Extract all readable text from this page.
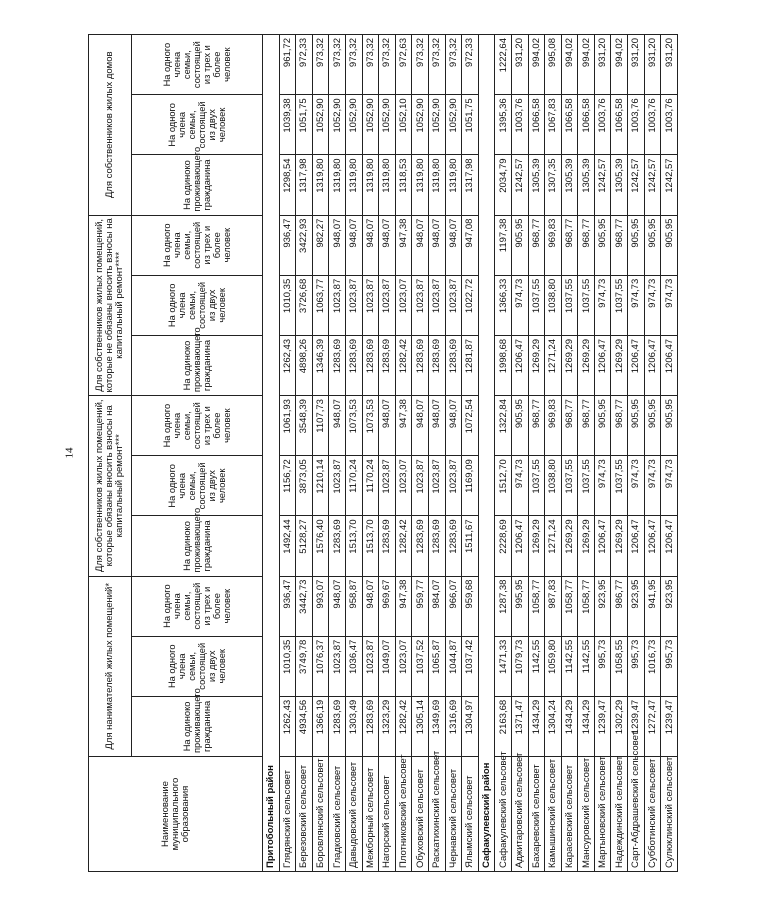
14
Наименование муниципального образования	Для нанимателей жилых помещений*			Для собственников жилых помещений, которые обязаны вносить взносы на капитальный ремонт***			Для собственников жилых помещений, которые не обязаны вносить взносы на капитальный ремонт****			Для собственников жилых домов		

	На одиноко проживающего гражданина	На одного члена семьи, состоящей из двух человек	На одного члена семьи, состоящей из трех и более человек	На одиноко проживающего гражданина	На одного члена семьи, состоящей из двух человек	На одного члена семьи, состоящей из трех и более человек	На одиноко проживающего гражданина	На одного члена семьи, состоящей из двух человек	На одного члена семьи, состоящей из трех и более человек	На одиноко проживающего гражданина	На одного члена семьи, состоящей из двух человек	На одного члена семьи, состоящей из трех и более человек

Притобольный район												
Глядянский сельсовет	1262,43	1010,35	936,47	1492,44	1156,72	1061,93	1262,43	1010,35	936,47	1298,54	1039,38	961,72
Березовский сельсовет	4934,56	3749,78	3442,73	5128,27	3873,05	3548,39	4898,26	3726,68	3422,93	1317,98	1051,75	972,33
Боровлянский сельсовет	1366,19	1076,37	993,07	1576,40	1210,14	1107,73	1346,39	1063,77	982,27	1319,80	1052,90	973,32
Гладковский сельсовет	1283,69	1023,87	948,07	1283,69	1023,87	948,07	1283,69	1023,87	948,07	1319,80	1052,90	973,32
Давыдовский сельсовет	1303,49	1036,47	958,87	1513,70	1170,24	1073,53	1283,69	1023,87	948,07	1319,80	1052,90	973,32
Межборный сельсовет	1283,69	1023,87	948,07	1513,70	1170,24	1073,53	1283,69	1023,87	948,07	1319,80	1052,90	973,32
Нагорский сельсовет	1323,29	1049,07	969,67	1283,69	1023,87	948,07	1283,69	1023,87	948,07	1319,80	1052,90	973,32
Плотниковский сельсовет	1282,42	1023,07	947,38	1282,42	1023,07	947,38	1282,42	1023,07	947,38	1318,53	1052,10	972,63
Обуховский сельсовет	1305,14	1037,52	959,77	1283,69	1023,87	948,07	1283,69	1023,87	948,07	1319,80	1052,90	973,32
Раскатихинский сельсовет	1349,69	1065,87	984,07	1283,69	1023,87	948,07	1283,69	1023,87	948,07	1319,80	1052,90	973,32
Чернавский сельсовет	1316,69	1044,87	966,07	1283,69	1023,87	948,07	1283,69	1023,87	948,07	1319,80	1052,90	973,32
Ялымский сельсовет	1304,97	1037,42	959,68	1511,67	1169,09	1072,54	1281,87	1022,72	947,08	1317,98	1051,75	972,33
Сафакулевский район												
Сафакулевский сельсовет	2163,68	1471,33	1287,38	2228,69	1512,70	1322,84	1998,68	1366,33	1197,38	2034,79	1395,36	1222,64
Аджитаровский сельсовет	1371,47	1079,73	995,95	1206,47	974,73	905,95	1206,47	974,73	905,95	1242,57	1003,76	931,20
Бахаревский сельсовет	1434,29	1142,55	1058,77	1269,29	1037,55	968,77	1269,29	1037,55	968,77	1305,39	1066,58	994,02
Камышинский сельсовет	1304,24	1059,80	987,83	1271,24	1038,80	969,83	1271,24	1038,80	969,83	1307,35	1067,83	995,08
Карасевский сельсовет	1434,29	1142,55	1058,77	1269,29	1037,55	968,77	1269,29	1037,55	968,77	1305,39	1066,58	994,02
Мансуровский сельсовет	1434,29	1142,55	1058,77	1269,29	1037,55	968,77	1269,29	1037,55	968,77	1305,39	1066,58	994,02
Мартыновский сельсовет	1239,47	995,73	923,95	1206,47	974,73	905,95	1206,47	974,73	905,95	1242,57	1003,76	931,20
Надеждинский сельсовет	1302,29	1058,55	986,77	1269,29	1037,55	968,77	1269,29	1037,55	968,77	1305,39	1066,58	994,02
Сарт-Абдрашевский сельсовет	1239,47	995,73	923,95	1206,47	974,73	905,95	1206,47	974,73	905,95	1242,57	1003,76	931,20
Субботинский сельсовет	1272,47	1016,73	941,95	1206,47	974,73	905,95	1206,47	974,73	905,95	1242,57	1003,76	931,20
Сулюклинский сельсовет	1239,47	995,73	923,95	1206,47	974,73	905,95	1206,47	974,73	905,95	1242,57	1003,76	931,20
